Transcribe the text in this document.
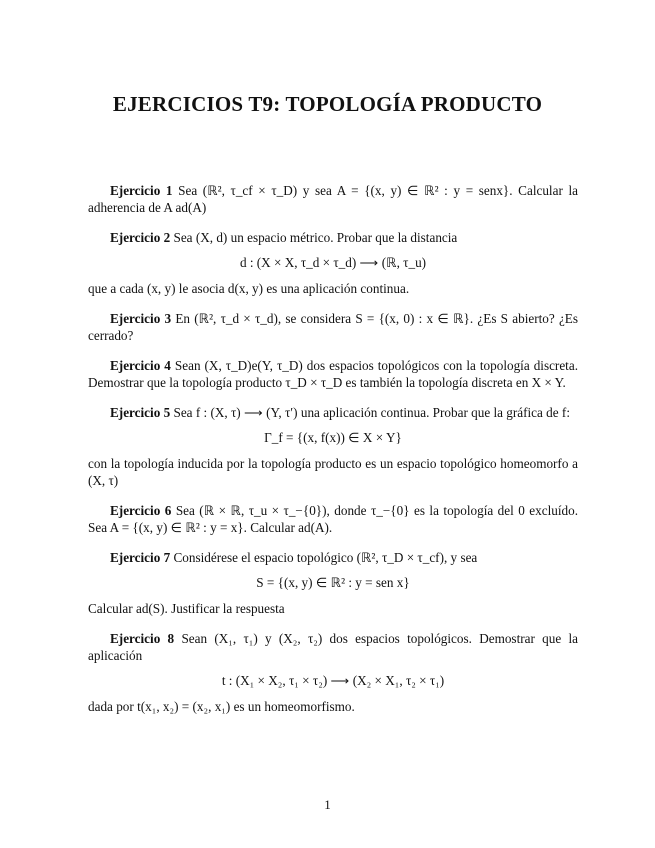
EJERCICIOS T9: TOPOLOGÍA PRODUCTO

Ejercicio 1 Sea (ℝ², τ_cf × τ_D) y sea A = {(x, y) ∈ ℝ² : y = senx}. Calcular la adherencia de A ad(A)

Ejercicio 2 Sea (X, d) un espacio métrico. Probar que la distancia

d : (X × X, τ_d × τ_d) ⟶ (ℝ, τ_u)

que a cada (x, y) le asocia d(x, y) es una aplicación continua.

Ejercicio 3 En (ℝ², τ_d × τ_d), se considera S = {(x, 0) : x ∈ ℝ}. ¿Es S abierto? ¿Es cerrado?

Ejercicio 4 Sean (X, τ_D)e(Y, τ_D) dos espacios topológicos con la topología discreta. Demostrar que la topología producto τ_D × τ_D es también la topología discreta en X × Y.

Ejercicio 5 Sea f : (X, τ) ⟶ (Y, τ′) una aplicación continua. Probar que la gráfica de f:

Γ_f = {(x, f(x)) ∈ X × Y}

con la topología inducida por la topología producto es un espacio topológico homeomorfo a (X, τ)

Ejercicio 6 Sea (ℝ × ℝ, τ_u × τ_−{0}), donde τ_−{0} es la topología del 0 excluído. Sea A = {(x, y) ∈ ℝ² : y = x}. Calcular ad(A).

Ejercicio 7 Considérese el espacio topológico (ℝ², τ_D × τ_cf), y sea

S = {(x, y) ∈ ℝ² : y = sen x}

Calcular ad(S). Justificar la respuesta

Ejercicio 8 Sean (X₁, τ₁) y (X₂, τ₂) dos espacios topológicos. Demostrar que la aplicación

t : (X₁ × X₂, τ₁ × τ₂) ⟶ (X₂ × X₁, τ₂ × τ₁)

dada por t(x₁, x₂) = (x₂, x₁) es un homeomorfismo.

1
